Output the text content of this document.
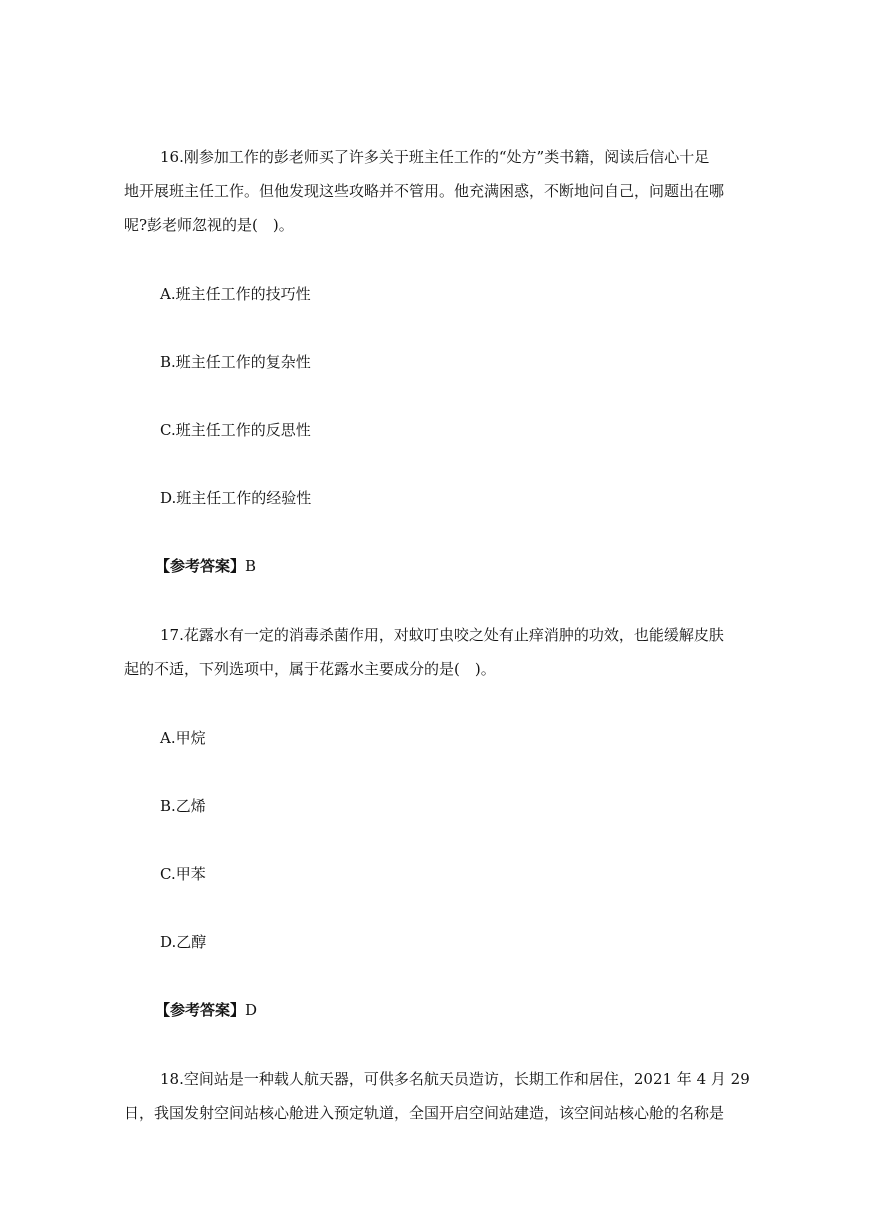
16.刚参加工作的彭老师买了许多关于班主任工作的“处方”类书籍，阅读后信心十足
地开展班主任工作。但他发现这些攻略并不管用。他充满困惑，不断地问自己，问题出在哪
呢?彭老师忽视的是(　)。
A.班主任工作的技巧性
B.班主任工作的复杂性
C.班主任工作的反思性
D.班主任工作的经验性
【参考答案】B
17.花露水有一定的消毒杀菌作用，对蚊叮虫咬之处有止痒消肿的功效，也能缓解皮肤
起的不适，下列选项中，属于花露水主要成分的是(　)。
A.甲烷
B.乙烯
C.甲苯
D.乙醇
【参考答案】D
18.空间站是一种载人航天器，可供多名航天员造访，长期工作和居住，2021 年 4 月 29
日，我国发射空间站核心舱进入预定轨道，全国开启空间站建造，该空间站核心舱的名称是
